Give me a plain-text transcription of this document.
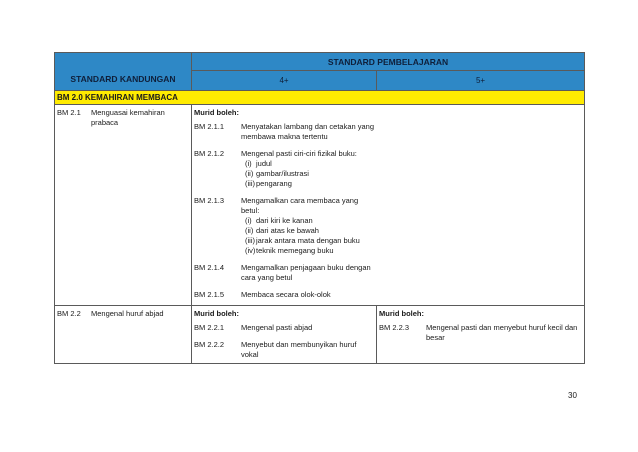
STANDARD KANDUNGAN
STANDARD PEMBELAJARAN
4+	5+
BM 2.0 KEMAHIRAN MEMBACA
BM 2.1	Menguasai kemahiran prabaca
Murid boleh:
BM 2.1.1	Menyatakan lambang dan cetakan yang membawa makna tertentu
BM 2.1.2	Mengenal pasti ciri-ciri fizikal buku:
(i) judul
(ii) gambar/ilustrasi
(iii) pengarang
BM 2.1.3	Mengamalkan cara membaca yang betul:
(i) dari kiri ke kanan
(ii) dari atas ke bawah
(iii) jarak antara mata dengan buku
(iv) teknik memegang buku
BM 2.1.4	Mengamalkan penjagaan buku dengan cara yang betul
BM 2.1.5	Membaca secara olok-olok
BM 2.2	Mengenal huruf abjad	Murid boleh:
BM 2.2.1	Mengenal pasti abjad
BM 2.2.2	Menyebut dan membunyikan huruf vokal
Murid boleh:
BM 2.2.3	Mengenal pasti dan menyebut huruf kecil dan besar
30
